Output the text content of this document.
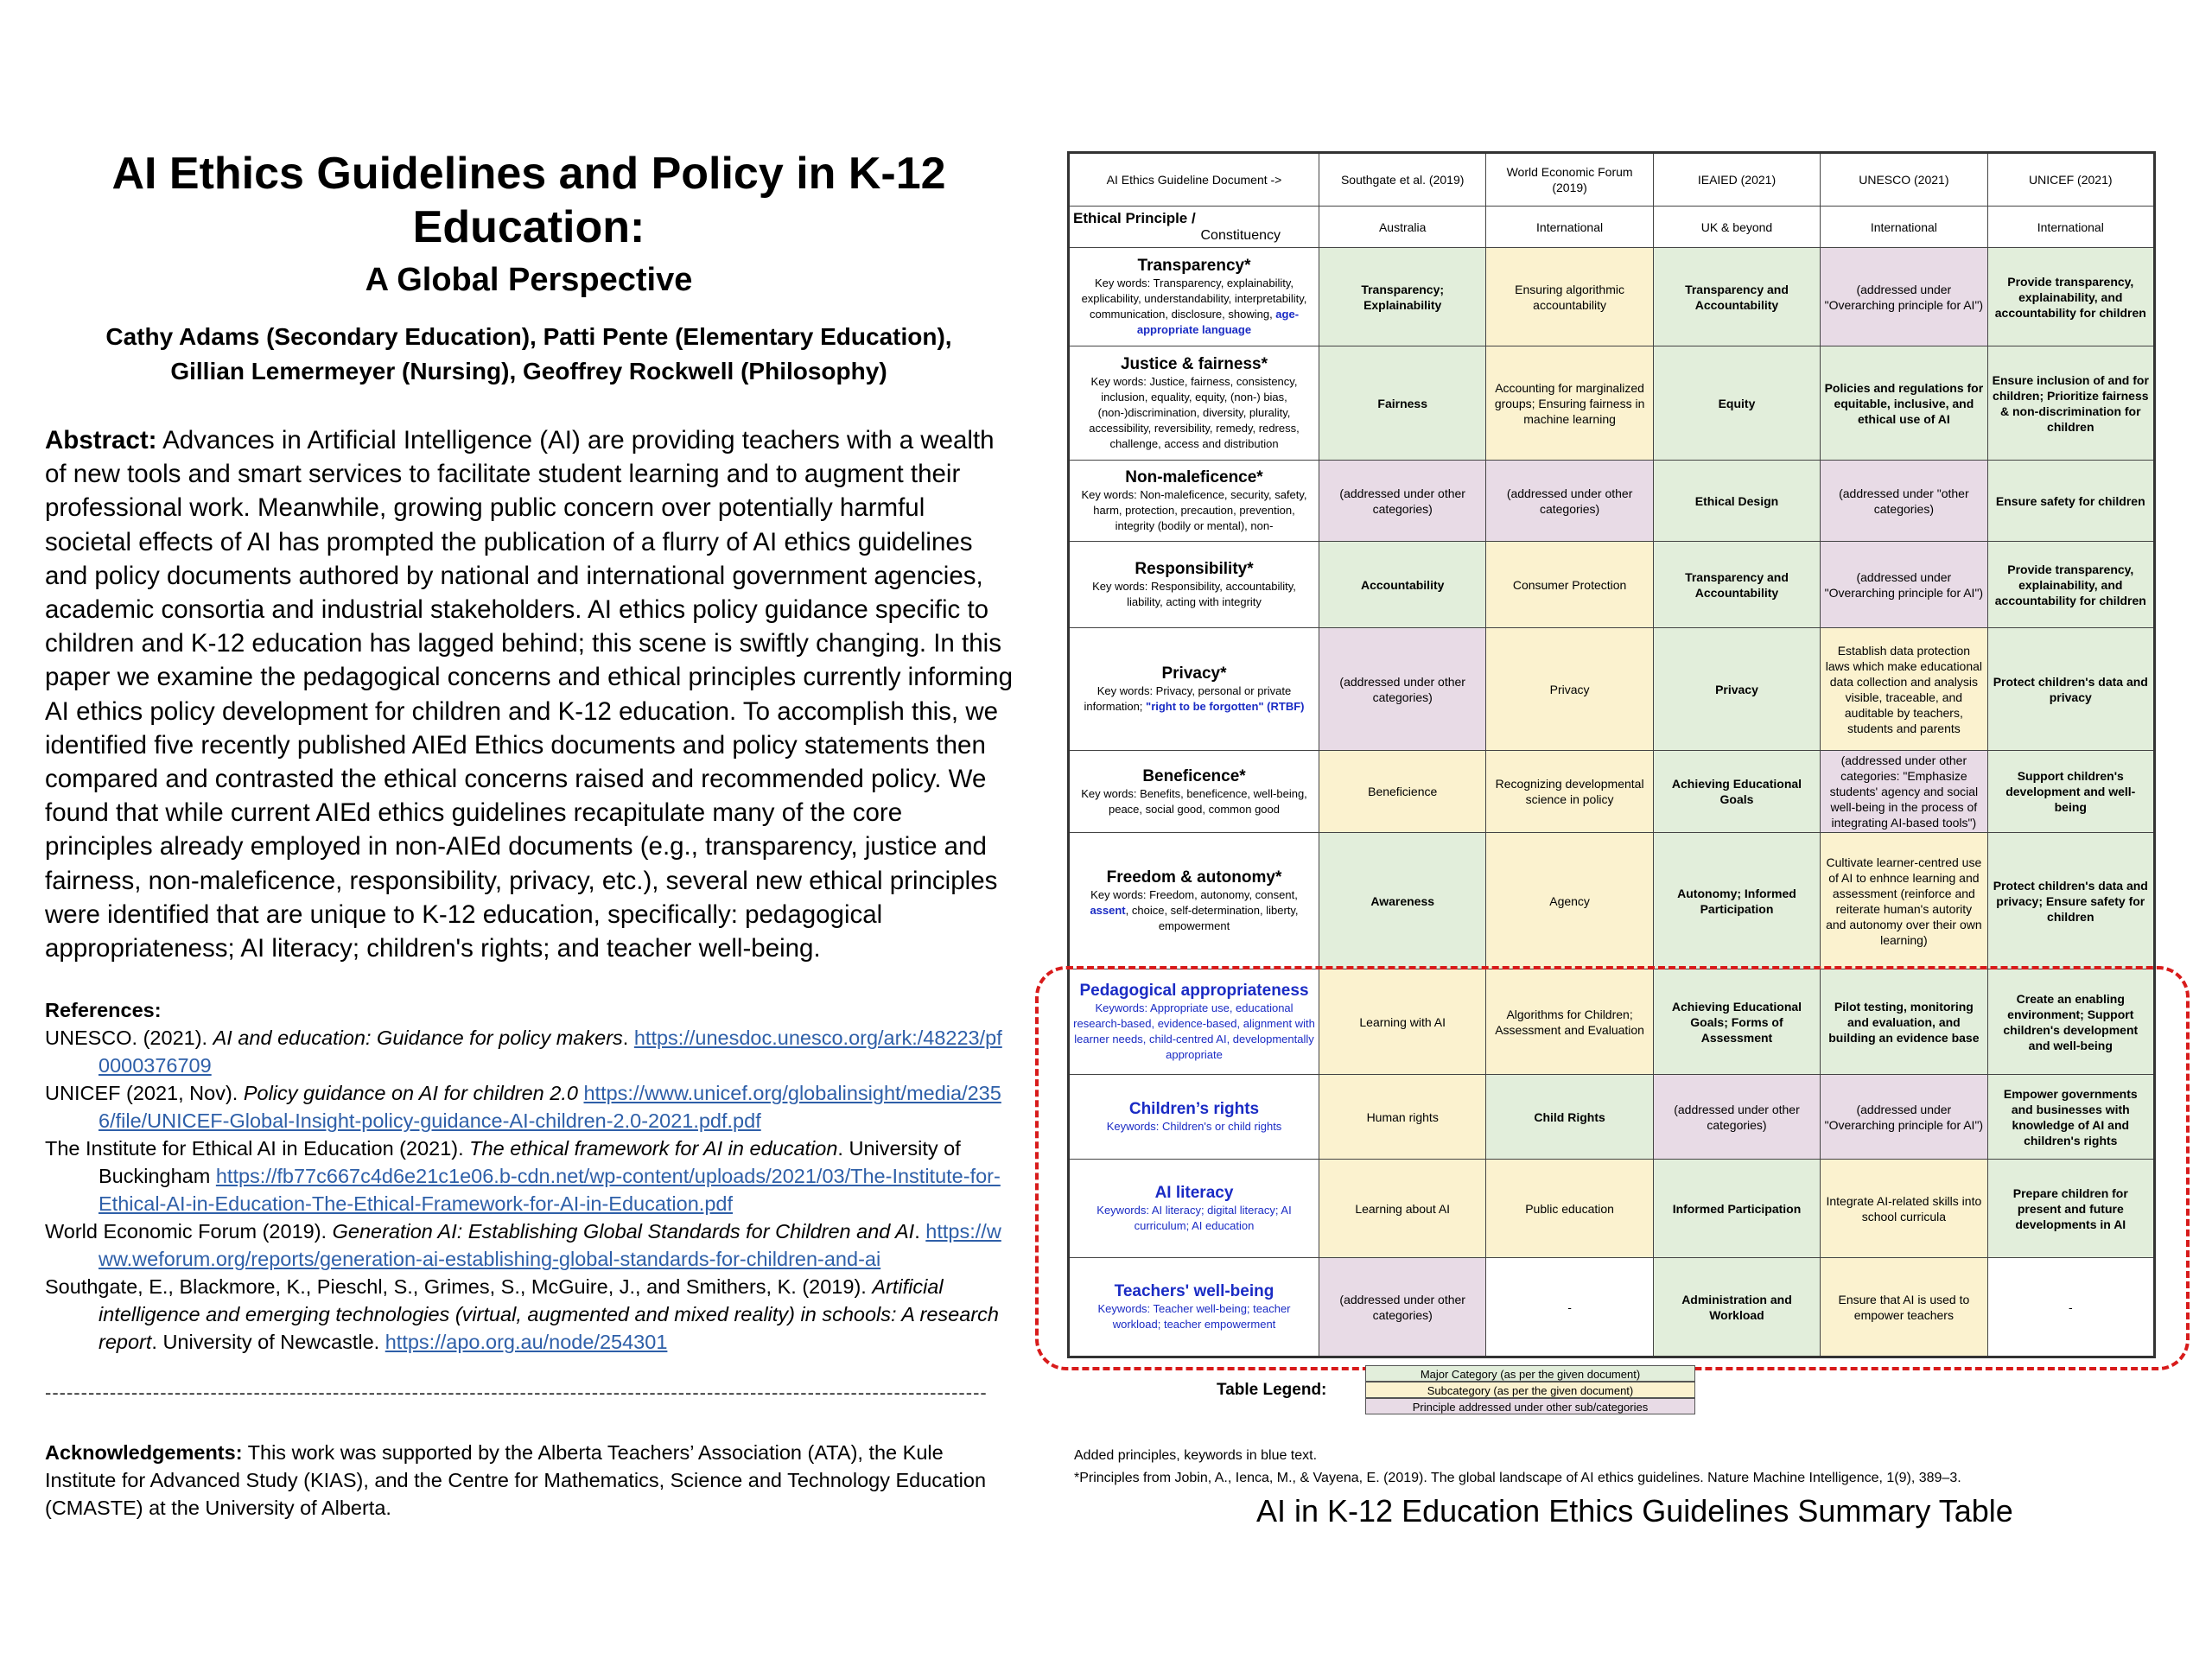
AI Ethics Guidelines and Policy in K-12 Education:
A Global Perspective
Cathy Adams (Secondary Education), Patti Pente (Elementary Education),
Gillian Lemermeyer (Nursing), Geoffrey Rockwell (Philosophy)
Abstract: Advances in Artificial Intelligence (AI) are providing teachers with a wealth of new tools and smart services to facilitate student learning and to augment their professional work. Meanwhile, growing public concern over potentially harmful societal effects of AI has prompted the publication of a flurry of AI ethics guidelines and policy documents authored by national and international government agencies, academic consortia and industrial stakeholders. AI ethics policy guidance specific to children and K-12 education has lagged behind; this scene is swiftly changing. In this paper we examine the pedagogical concerns and ethical principles currently informing AI ethics policy development for children and K-12 education. To accomplish this, we identified five recently published AIEd Ethics documents and policy statements then compared and contrasted the ethical concerns raised and recommended policy. We found that while current AIEd ethics guidelines recapitulate many of the core principles already employed in non-AIEd documents (e.g., transparency, justice and fairness, non-maleficence, responsibility, privacy, etc.), several new ethical principles were identified that are unique to K-12 education, specifically: pedagogical appropriateness; AI literacy; children's rights; and teacher well-being.
References:
UNESCO. (2021). AI and education: Guidance for policy makers. https://unesdoc.unesco.org/ark:/48223/pf0000376709
UNICEF (2021, Nov). Policy guidance on AI for children 2.0 https://www.unicef.org/globalinsight/media/2356/file/UNICEF-Global-Insight-policy-guidance-AI-children-2.0-2021.pdf.pdf
The Institute for Ethical AI in Education (2021). The ethical framework for AI in education. University of Buckingham https://fb77c667c4d6e21c1e06.b-cdn.net/wp-content/uploads/2021/03/The-Institute-for-Ethical-AI-in-Education-The-Ethical-Framework-for-AI-in-Education.pdf
World Economic Forum (2019). Generation AI: Establishing Global Standards for Children and AI. https://www.weforum.org/reports/generation-ai-establishing-global-standards-for-children-and-ai
Southgate, E., Blackmore, K., Pieschl, S., Grimes, S., McGuire, J., and Smithers, K. (2019). Artificial intelligence and emerging technologies (virtual, augmented and mixed reality) in schools: A research report. University of Newcastle. https://apo.org.au/node/254301
-----------------------------------------------------------------------------------------------------------------------------------
Acknowledgements: This work was supported by the Alberta Teachers’ Association (ATA), the Kule Institute for Advanced Study (KIAS), and the Centre for Mathematics, Science and Technology Education (CMASTE) at the University of Alberta.
AI Ethics Guideline Document ->	Southgate et al. (2019)	World Economic Forum (2019)	IEAIED (2021)	UNESCO (2021)	UNICEF (2021)

Ethical Principle /
Constituency	Australia	International	UK & beyond	International	International

Transparency*
Key words: Transparency, explainability, explicability, understandability, interpretability, communication, disclosure, showing, age-appropriate language	Transparency; Explainability	Ensuring algorithmic accountability	Transparency and Accountability	(addressed under "Overarching principle for AI")	Provide transparency, explainability, and accountability for children

Justice & fairness*
Key words: Justice, fairness, consistency, inclusion, equality, equity, (non-) bias, (non-)discrimination, diversity, plurality, accessibility, reversibility, remedy, redress, challenge, access and distribution	Fairness	Accounting for marginalized groups; Ensuring fairness in machine learning	Equity	Policies and regulations for equitable, inclusive, and ethical use of AI	Ensure inclusion of and for children; Prioritize fairness & non-discrimination for children

Non-maleficence*
Key words: Non-maleficence, security, safety, harm, protection, precaution, prevention, integrity (bodily or mental), non-	(addressed under other categories)	(addressed under other categories)	Ethical Design	(addressed under "other categories)	Ensure safety for children

Responsibility*
Key words: Responsibility, accountability, liability, acting with integrity	Accountability	Consumer Protection	Transparency and Accountability	(addressed under "Overarching principle for AI")	Provide transparency, explainability, and accountability for children

Privacy*
Key words: Privacy, personal or private information; "right to be forgotten" (RTBF)	(addressed under other categories)	Privacy	Privacy	Establish data protection laws which make educational data collection and analysis visible, traceable, and auditable by teachers, students and parents	Protect children's data and privacy

Beneficence*
Key words: Benefits, beneficence, well-being, peace, social good, common good	Beneficience	Recognizing developmental science in policy	Achieving Educational Goals	(addressed under other categories: "Emphasize students' agency and social well-being in the process of integrating AI-based tools")	Support children's development and well-being

Freedom & autonomy*
Key words: Freedom, autonomy, consent, assent, choice, self-determination, liberty, empowerment	Awareness	Agency	Autonomy; Informed Participation	Cultivate learner-centred use of AI to enhnce learning and assessment (reinforce and reiterate human's autority and autonomy over their own learning)	Protect children's data and privacy; Ensure safety for children

Pedagogical appropriateness
Keywords: Appropriate use, educational research-based, evidence-based, alignment with learner needs, child-centred AI, developmentally appropriate	Learning with AI	Algorithms for Children; Assessment and Evaluation	Achieving Educational Goals; Forms of Assessment	Pilot testing, monitoring and evaluation, and building an evidence base	Create an enabling environment; Support children's development and well-being

Children’s rights
Keywords: Children's or child rights	Human rights	Child Rights	(addressed under other categories)	(addressed under "Overarching principle for AI")	Empower governments and businesses with knowledge of AI and children's rights

AI literacy
Keywords: AI literacy; digital literacy; AI curriculum; AI education	Learning about AI	Public education	Informed Participation	Integrate AI-related skills into school curricula	Prepare children for present and future developments in AI

Teachers' well-being
Keywords: Teacher well-being; teacher workload; teacher empowerment	(addressed under other categories)	-	Administration and Workload	Ensure that AI is used to empower teachers	-
Table Legend:
Major Category (as per the given document)
Subcategory (as per the given document)
Principle addressed under other sub/categories
Added principles, keywords in blue text.
*Principles from Jobin, A., Ienca, M., & Vayena, E. (2019). The global landscape of AI ethics guidelines. Nature Machine Intelligence, 1(9), 389–3.
AI in K-12 Education Ethics Guidelines Summary Table
